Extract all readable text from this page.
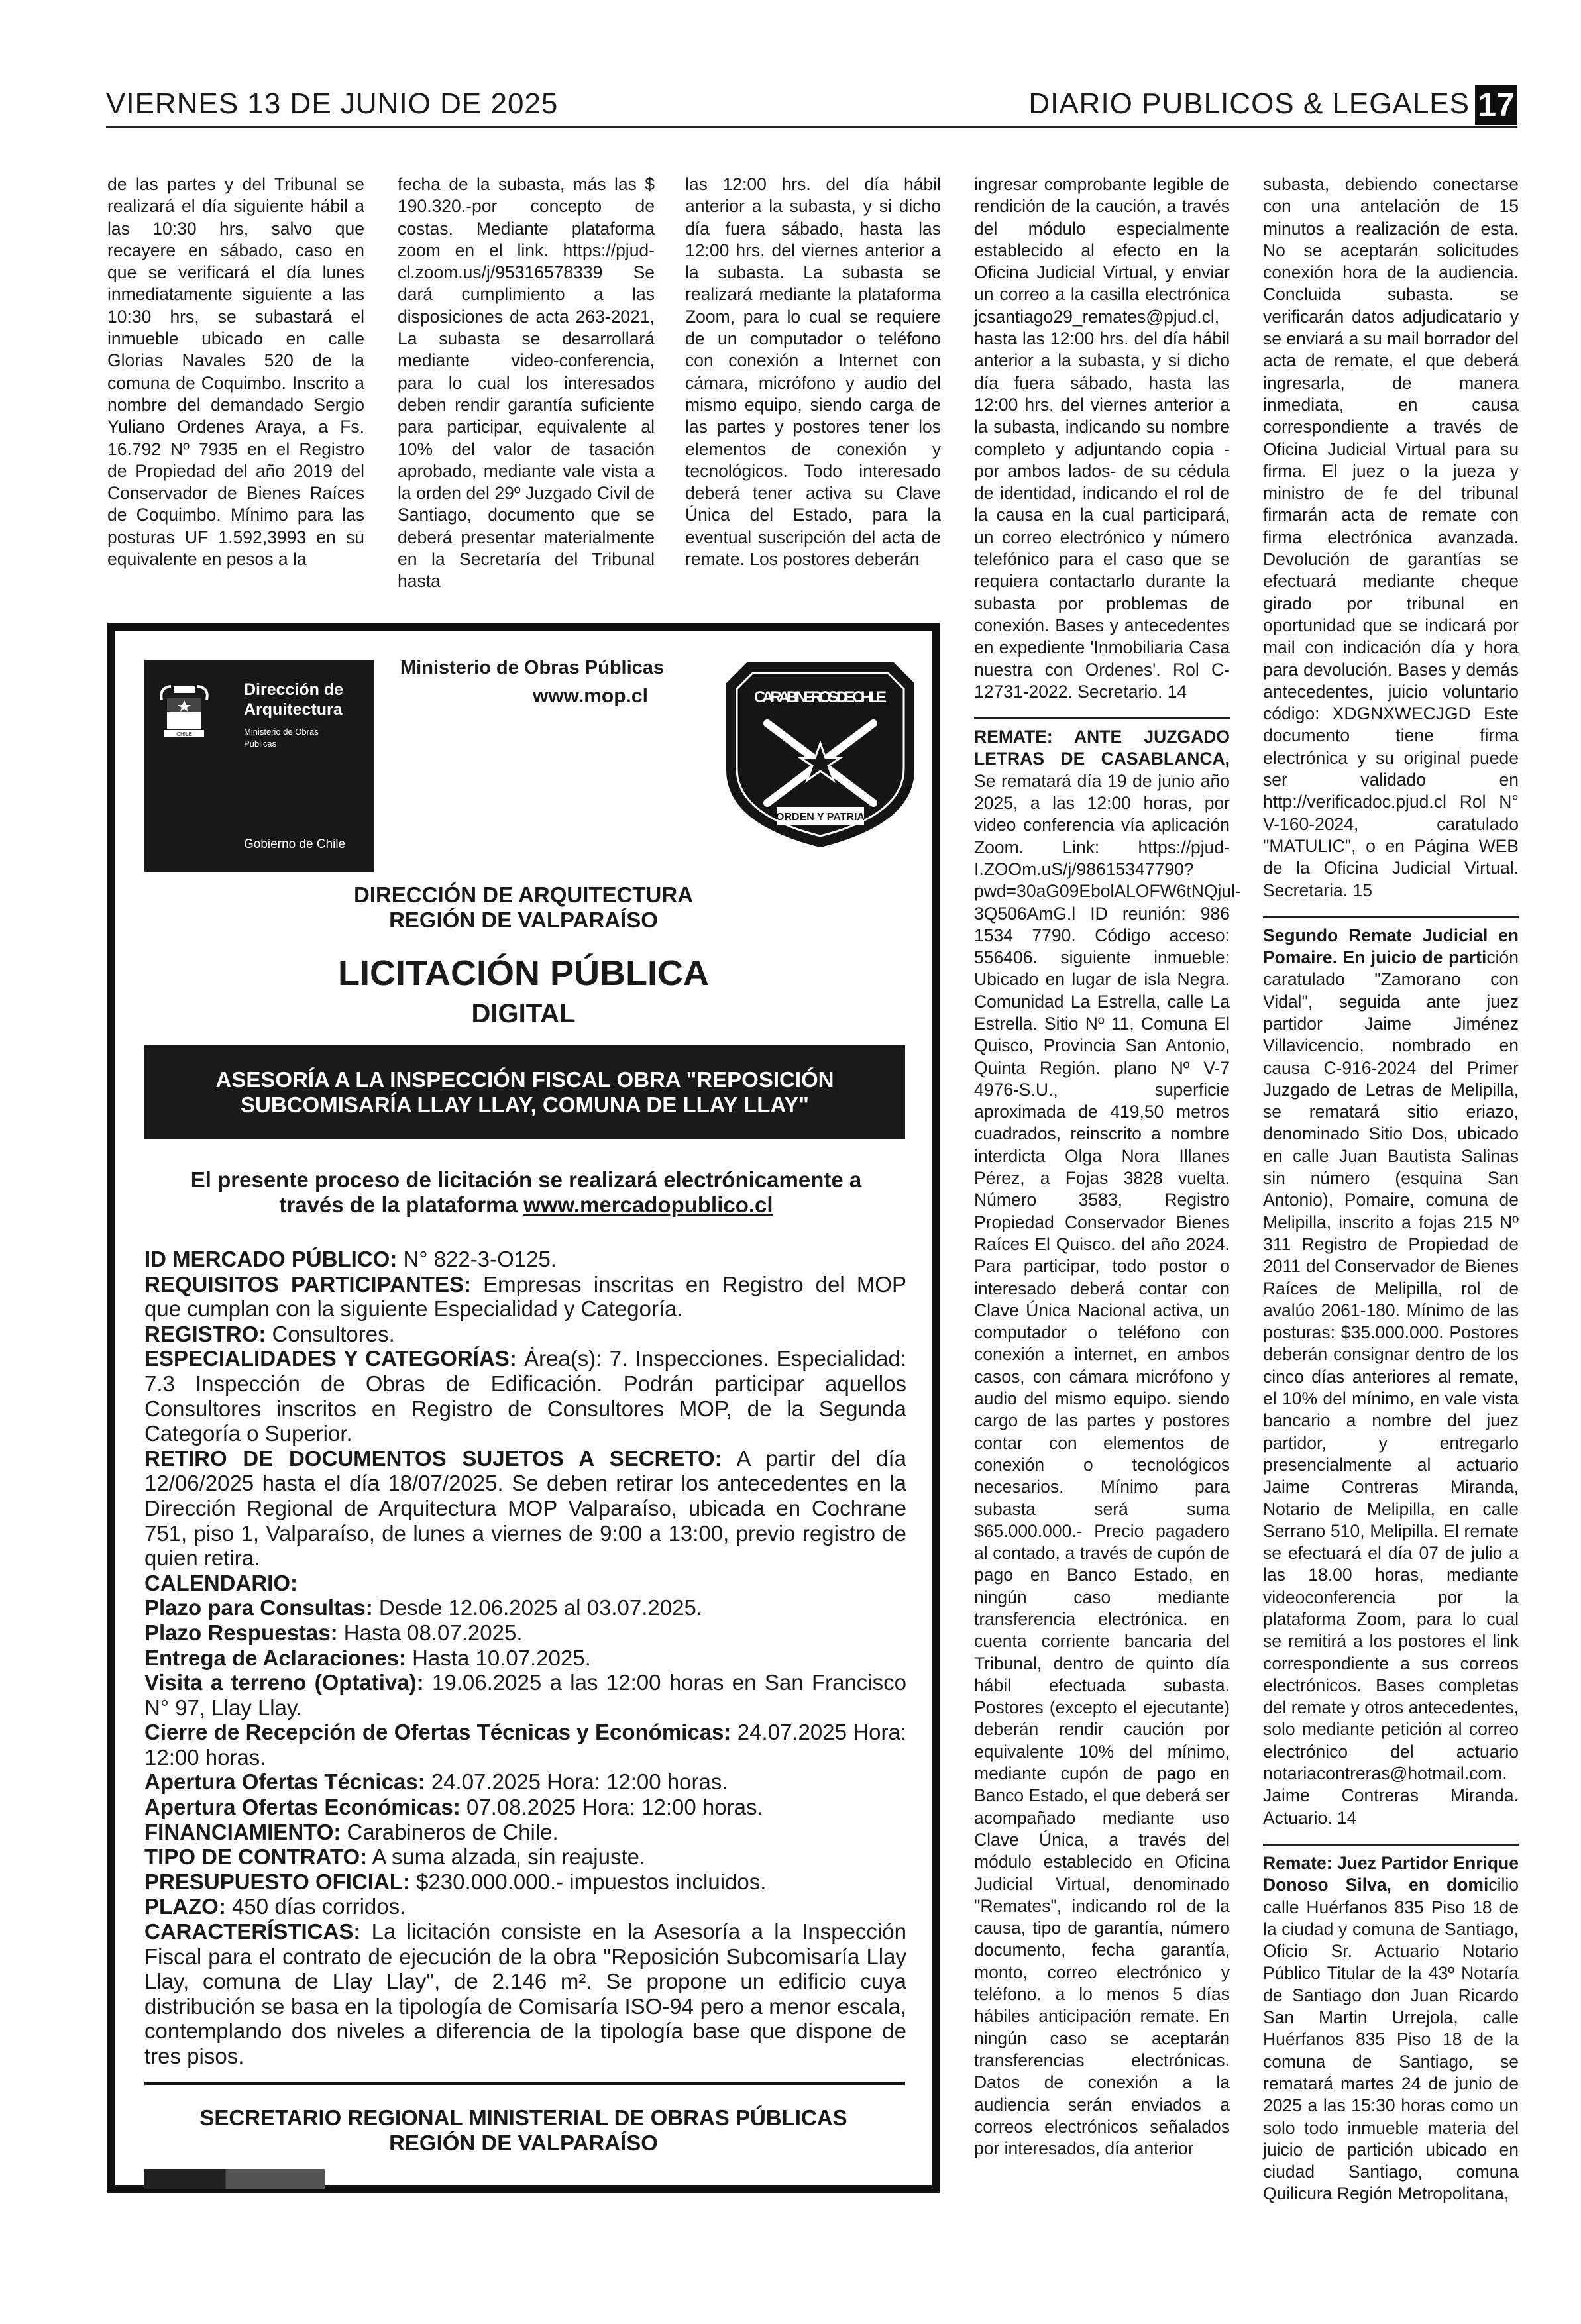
VIERNES 13 DE JUNIO DE 2025	DIARIO PUBLICOS & LEGALES 17

de las partes y del Tribunal se realizará el día siguiente hábil a las 10:30 hrs, salvo que recayere en sábado, caso en que se verificará el día lunes inmediatamente siguiente a las 10:30 hrs, se subastará el inmueble ubicado en calle Glorias Navales 520 de la comuna de Coquimbo. Inscrito a nombre del demandado Sergio Yuliano Ordenes Araya, a Fs. 16.792 Nº 7935 en el Registro de Propiedad del año 2019 del Conservador de Bienes Raíces de Coquimbo. Mínimo para las posturas UF 1.592,3993 en su equivalente en pesos a la

fecha de la subasta, más las $ 190.320.-por concepto de costas. Mediante plataforma zoom en el link. https://pjud-cl.zoom.us/j/95316578339 Se dará cumplimiento a las disposiciones de acta 263-2021, La subasta se desarrollará mediante video-conferencia, para lo cual los interesados deben rendir garantía suficiente para participar, equivalente al 10% del valor de tasación aprobado, mediante vale vista a la orden del 29º Juzgado Civil de Santiago, documento que se deberá presentar materialmente en la Secretaría del Tribunal hasta

las 12:00 hrs. del día hábil anterior a la subasta, y si dicho día fuera sábado, hasta las 12:00 hrs. del viernes anterior a la subasta. La subasta se realizará mediante la plataforma Zoom, para lo cual se requiere de un computador o teléfono con conexión a Internet con cámara, micrófono y audio del mismo equipo, siendo carga de las partes y postores tener los elementos de conexión y tecnológicos. Todo interesado deberá tener activa su Clave Única del Estado, para la eventual suscripción del acta de remate. Los postores deberán

ingresar comprobante legible de rendición de la caución, a través del módulo especialmente establecido al efecto en la Oficina Judicial Virtual, y enviar un correo a la casilla electrónica jcsantiago29_remates@pjud.cl, hasta las 12:00 hrs. del día hábil anterior a la subasta, y si dicho día fuera sábado, hasta las 12:00 hrs. del viernes anterior a la subasta, indicando su nombre completo y adjuntando copia -por ambos lados- de su cédula de identidad, indicando el rol de la causa en la cual participará, un correo electrónico y número telefónico para el caso que se requiera contactarlo durante la subasta por problemas de conexión. Bases y antecedentes en expediente 'Inmobiliaria Casa nuestra con Ordenes'. Rol C-12731-2022. Secretario. 14

REMATE: ANTE JUZGADO LETRAS DE CASABLANCA, Se rematará día 19 de junio año 2025, a las 12:00 horas, por video conferencia vía aplicación Zoom. Link: https://pjud-I.ZOOm.uS/j/98615347790?pwd=30aG09EbolALOFW6tNQjul-3Q506AmG.l ID reunión: 986 1534 7790. Código acceso: 556406. siguiente inmueble: Ubicado en lugar de isla Negra. Comunidad La Estrella, calle La Estrella. Sitio Nº 11, Comuna El Quisco, Provincia San Antonio, Quinta Región. plano Nº V-7 4976-S.U., superficie aproximada de 419,50 metros cuadrados, reinscrito a nombre interdicta Olga Nora Illanes Pérez, a Fojas 3828 vuelta. Número 3583, Registro Propiedad Conservador Bienes Raíces El Quisco. del año 2024. Para participar, todo postor o interesado deberá contar con Clave Única Nacional activa, un computador o teléfono con conexión a internet, en ambos casos, con cámara micrófono y audio del mismo equipo. siendo cargo de las partes y postores contar con elementos de conexión o tecnológicos necesarios. Mínimo para subasta será suma $65.000.000.- Precio pagadero al contado, a través de cupón de pago en Banco Estado, en ningún caso mediante transferencia electrónica. en cuenta corriente bancaria del Tribunal, dentro de quinto día hábil efectuada subasta. Postores (excepto el ejecutante) deberán rendir caución por equivalente 10% del mínimo, mediante cupón de pago en Banco Estado, el que deberá ser acompañado mediante uso Clave Única, a través del módulo establecido en Oficina Judicial Virtual, denominado "Remates", indicando rol de la causa, tipo de garantía, número documento, fecha garantía, monto, correo electrónico y teléfono. a lo menos 5 días hábiles anticipación remate. En ningún caso se aceptarán transferencias electrónicas. Datos de conexión a la audiencia serán enviados a correos electrónicos señalados por interesados, día anterior

subasta, debiendo conectarse con una antelación de 15 minutos a realización de esta. No se aceptarán solicitudes conexión hora de la audiencia. Concluida subasta. se verificarán datos adjudicatario y se enviará a su mail borrador del acta de remate, el que deberá ingresarla, de manera inmediata, en causa correspondiente a través de Oficina Judicial Virtual para su firma. El juez o la jueza y ministro de fe del tribunal firmarán acta de remate con firma electrónica avanzada. Devolución de garantías se efectuará mediante cheque girado por tribunal en oportunidad que se indicará por mail con indicación día y hora para devolución. Bases y demás antecedentes, juicio voluntario código: XDGNXWECJGD Este documento tiene firma electrónica y su original puede ser validado en http://verificadoc.pjud.cl Rol N° V-160-2024, caratulado "MATULIC", o en Página WEB de la Oficina Judicial Virtual. Secretaria. 15

Segundo Remate Judicial en Pomaire. En juicio de partición caratulado "Zamorano con Vidal", seguida ante juez partidor Jaime Jiménez Villavicencio, nombrado en causa C-916-2024 del Primer Juzgado de Letras de Melipilla, se rematará sitio eriazo, denominado Sitio Dos, ubicado en calle Juan Bautista Salinas sin número (esquina San Antonio), Pomaire, comuna de Melipilla, inscrito a fojas 215 Nº 311 Registro de Propiedad de 2011 del Conservador de Bienes Raíces de Melipilla, rol de avalúo 2061-180. Mínimo de las posturas: $35.000.000. Postores deberán consignar dentro de los cinco días anteriores al remate, el 10% del mínimo, en vale vista bancario a nombre del juez partidor, y entregarlo presencialmente al actuario Jaime Contreras Miranda, Notario de Melipilla, en calle Serrano 510, Melipilla. El remate se efectuará el día 07 de julio a las 18.00 horas, mediante videoconferencia por la plataforma Zoom, para lo cual se remitirá a los postores el link correspondiente a sus correos electrónicos. Bases completas del remate y otros antecedentes, solo mediante petición al correo electrónico del actuario notariacontreras@hotmail.com. Jaime Contreras Miranda. Actuario. 14

Remate: Juez Partidor Enrique Donoso Silva, en domicilio calle Huérfanos 835 Piso 18 de la ciudad y comuna de Santiago, Oficio Sr. Actuario Notario Público Titular de la 43º Notaría de Santiago don Juan Ricardo San Martin Urrejola, calle Huérfanos 835 Piso 18 de la comuna de Santiago, se rematará martes 24 de junio de 2025 a las 15:30 horas como un solo todo inmueble materia del juicio de partición ubicado en ciudad Santiago, comuna Quilicura Región Metropolitana,

CHILE
Dirección de
Arquitectura
Ministerio de Obras
Públicas
Gobierno de Chile
Ministerio de Obras Públicas
www.mop.cl	CARABINEROS DE CHILE
ORDEN Y PATRIA
DIRECCIÓN DE ARQUITECTURA
REGIÓN DE VALPARAÍSO
LICITACIÓN PÚBLICA
DIGITAL
ASESORÍA A LA INSPECCIÓN FISCAL OBRA "REPOSICIÓN
SUBCOMISARÍA LLAY LLAY, COMUNA DE LLAY LLAY"
El presente proceso de licitación se realizará electrónicamente a
través de la plataforma www.mercadopublico.cl

ID MERCADO PÚBLICO: N° 822-3-O125.

REQUISITOS PARTICIPANTES: Empresas inscritas en Registro del MOP que cumplan con la siguiente Especialidad y Categoría.

REGISTRO: Consultores.

ESPECIALIDADES Y CATEGORÍAS: Área(s): 7. Inspecciones. Especialidad: 7.3 Inspección de Obras de Edificación. Podrán participar aquellos Consultores inscritos en Registro de Consultores MOP, de la Segunda Categoría o Superior.

RETIRO DE DOCUMENTOS SUJETOS A SECRETO: A partir del día 12/06/2025 hasta el día 18/07/2025. Se deben retirar los antecedentes en la Dirección Regional de Arquitectura MOP Valparaíso, ubicada en Cochrane 751, piso 1, Valparaíso, de lunes a viernes de 9:00 a 13:00, previo registro de quien retira.

CALENDARIO:

Plazo para Consultas: Desde 12.06.2025 al 03.07.2025.

Plazo Respuestas: Hasta 08.07.2025.

Entrega de Aclaraciones: Hasta 10.07.2025.

Visita a terreno (Optativa): 19.06.2025 a las 12:00 horas en San Francisco N° 97, Llay Llay.

Cierre de Recepción de Ofertas Técnicas y Económicas: 24.07.2025 Hora: 12:00 horas.

Apertura Ofertas Técnicas: 24.07.2025 Hora: 12:00 horas.

Apertura Ofertas Económicas: 07.08.2025 Hora: 12:00 horas.

FINANCIAMIENTO: Carabineros de Chile.

TIPO DE CONTRATO: A suma alzada, sin reajuste.

PRESUPUESTO OFICIAL: $230.000.000.- impuestos incluidos.

PLAZO: 450 días corridos.

CARACTERÍSTICAS: La licitación consiste en la Asesoría a la Inspección Fiscal para el contrato de ejecución de la obra "Reposición Subcomisaría Llay Llay, comuna de Llay Llay", de 2.146 m². Se propone un edificio cuya distribución se basa en la tipología de Comisaría ISO-94 pero a menor escala, contemplando dos niveles a diferencia de la tipología base que dispone de tres pisos.

SECRETARIO REGIONAL MINISTERIAL DE OBRAS PÚBLICAS
REGIÓN DE VALPARAÍSO
